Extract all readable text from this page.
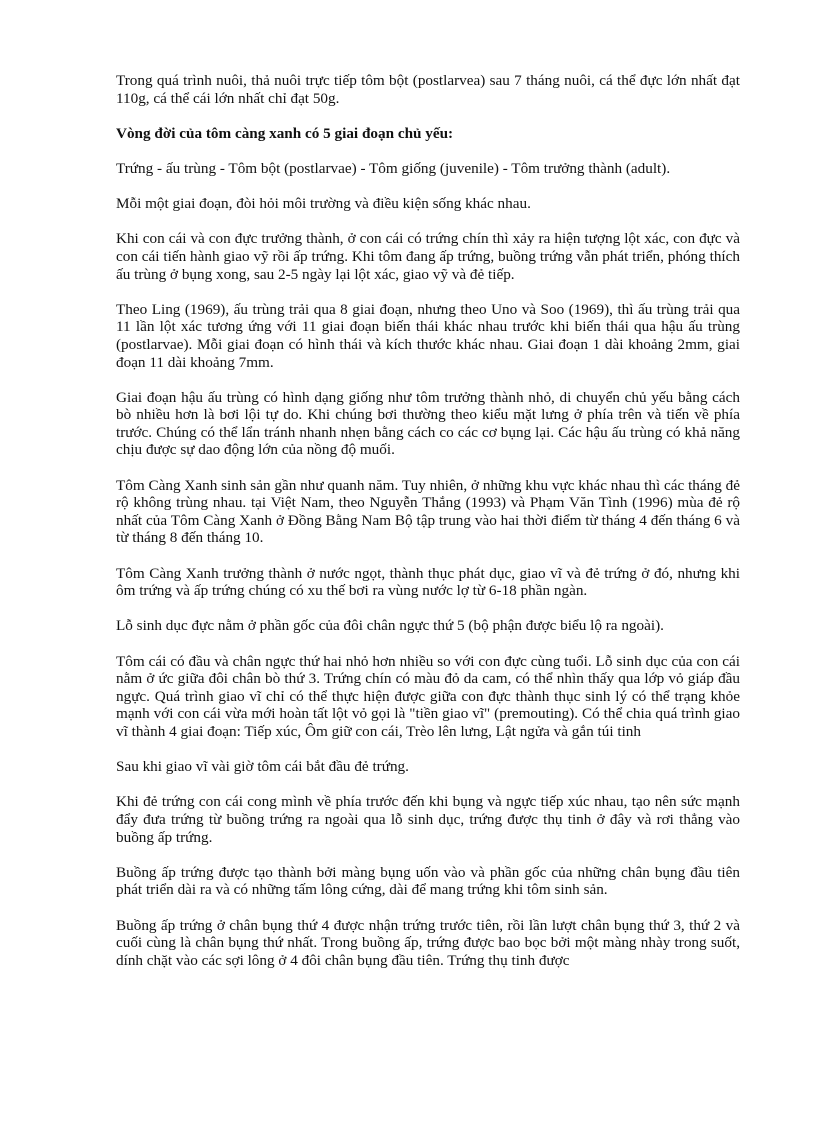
Trong quá trình nuôi, thả nuôi trực tiếp tôm bột (postlarvea) sau 7 tháng nuôi, cá thể đực lớn nhất đạt 110g, cá thể cái lớn nhất chỉ đạt 50g.

Vòng đời của tôm càng xanh có 5 giai đoạn chủ yếu:

Trứng - ấu trùng - Tôm bột (postlarvae) - Tôm giống (juvenile) - Tôm trưởng thành (adult).

Mỗi một giai đoạn, đòi hỏi môi trường và điều kiện sống khác nhau.

Khi con cái và con đực trưởng thành, ở con cái có trứng chín thì xảy ra hiện tượng lột xác, con đực và con cái tiến hành giao vỹ rồi ấp trứng. Khi tôm đang ấp trứng, buồng trứng vẫn phát triển, phóng thích ấu trùng ở bụng xong, sau 2-5 ngày lại lột xác, giao vỹ và đẻ tiếp.

Theo Ling (1969), ấu trùng trải qua 8 giai đoạn, nhưng theo Uno và Soo (1969), thì ấu trùng trải qua 11 lần lột xác tương ứng với 11 giai đoạn biến thái khác nhau trước khi biến thái qua hậu ấu trùng (postlarvae). Mỗi giai đoạn có hình thái và kích thước khác nhau. Giai đoạn 1 dài khoảng 2mm, giai đoạn 11 dài khoảng 7mm.

Giai đoạn hậu ấu trùng có hình dạng giống như tôm trưởng thành nhỏ, di chuyển chủ yếu bằng cách bò nhiều hơn là bơi lội tự do. Khi chúng bơi thường theo kiểu mặt lưng ở phía trên và tiến về phía trước. Chúng có thể lẩn tránh nhanh nhẹn bằng cách co các cơ bụng lại. Các hậu ấu trùng có khả năng chịu được sự dao động lớn của nồng độ muối.

Tôm Càng Xanh sinh sản gần như quanh năm. Tuy nhiên, ở những khu vực khác nhau thì các tháng đẻ rộ không trùng nhau. tại Việt Nam, theo Nguyễn Thắng (1993) và Phạm Văn Tình (1996) mùa đẻ rộ nhất của Tôm Càng Xanh ở Đồng Bằng Nam Bộ tập trung vào hai thời điểm từ tháng 4 đến tháng 6 và từ tháng 8 đến tháng 10.

Tôm Càng Xanh trưởng thành ở nước ngọt, thành thục phát dục, giao vĩ và đẻ trứng ở đó, nhưng khi ôm trứng và ấp trứng chúng có xu thế bơi ra vùng nước lợ từ 6-18 phần ngàn.

Lỗ sinh dục đực nằm ở phần gốc của đôi chân ngực thứ 5 (bộ phận được biểu lộ ra ngoài).

Tôm cái có đầu và chân ngực thứ hai nhỏ hơn nhiều so với con đực cùng tuổi. Lỗ sinh dục của con cái nằm ở ức giữa đôi chân bò thứ 3. Trứng chín có màu đỏ da cam, có thể nhìn thấy qua lớp vỏ giáp đầu ngực. Quá trình giao vĩ chỉ có thể thực hiện được giữa con đực thành thục sinh lý có thể trạng khỏe mạnh với con cái vừa mới hoàn tất lột vỏ gọi là "tiền giao vĩ" (premouting). Có thể chia quá trình giao vĩ thành 4 giai đoạn: Tiếp xúc, Ôm giữ con cái, Trèo lên lưng, Lật ngửa và gắn túi tinh

Sau khi giao vĩ vài giờ tôm cái bắt đầu đẻ trứng.

Khi đẻ trứng con cái cong mình về phía trước đến khi bụng và ngực tiếp xúc nhau, tạo nên sức mạnh đẩy đưa trứng từ buồng trứng ra ngoài qua lỗ sinh dục, trứng được thụ tinh ở đây và rơi thẳng vào buồng ấp trứng.

Buồng ấp trứng được tạo thành bởi màng bụng uốn vào và phần gốc của những chân bụng đầu tiên phát triển dài ra và có những tấm lông cứng, dài để mang trứng khi tôm sinh sản.

Buồng ấp trứng ở chân bụng thứ 4 được nhận trứng trước tiên, rồi lần lượt chân bụng thứ 3, thứ 2 và cuối cùng là chân bụng thứ nhất. Trong buồng ấp, trứng được bao bọc bởi một màng nhày trong suốt, dính chặt vào các sợi lông ở 4 đôi chân bụng đầu tiên. Trứng thụ tinh được
